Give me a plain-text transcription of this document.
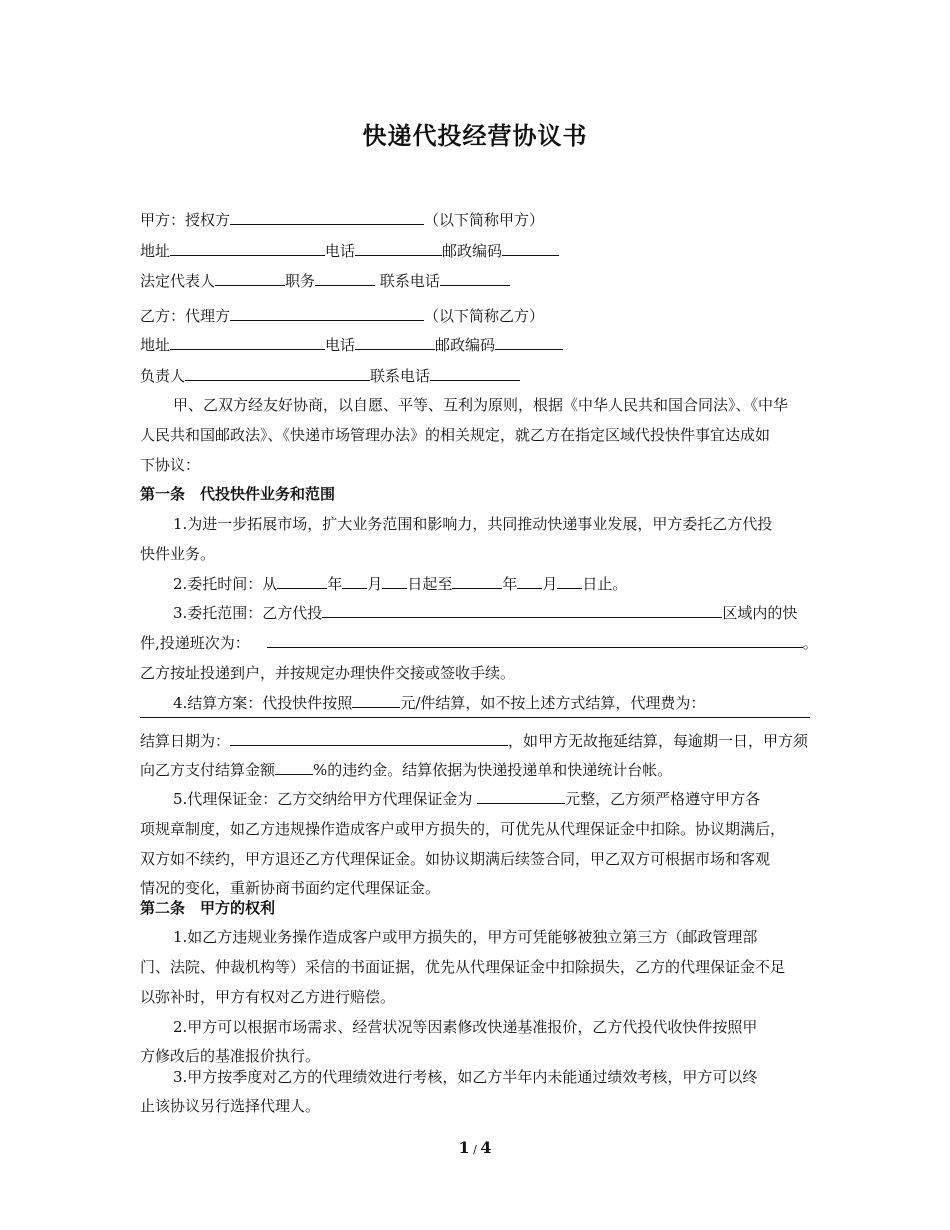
快递代投经营协议书
甲方：授权方	（以下简称甲方）
地址	电话	邮政编码
法定代表人	职务	联系电话
乙方：代理方	（以下简称乙方）
地址	电话	邮政编码
负责人	联系电话
甲、乙双方经友好协商，以自愿、平等、互利为原则，根据《中华人民共和国合同法》、《中华
人民共和国邮政法》、《快递市场管理办法》的相关规定，就乙方在指定区域代投快件事宜达成如
下协议：
第一条　代投快件业务和范围
1.为进一步拓展市场，扩大业务范围和影响力，共同推动快递事业发展，甲方委托乙方代投
快件业务。
2.委托时间：从	年 月 日起至	年 月 日止。
3.委托范围：乙方代投	区域内的快
件,投递班次为：	。
乙方按址投递到户，并按规定办理快件交接或签收手续。
4.结算方案：代投快件按照	元/件结算，如不按上述方式结算，代理费为：
结算日期为：	，如甲方无故拖延结算，每逾期一日，甲方须
向乙方支付结算金额	%的违约金。结算依据为快递投递单和快递统计台帐。
5.代理保证金：乙方交纳给甲方代理保证金为	元整，乙方须严格遵守甲方各
项规章制度，如乙方违规操作造成客户或甲方损失的，可优先从代理保证金中扣除。协议期满后，
双方如不续约，甲方退还乙方代理保证金。如协议期满后续签合同，甲乙双方可根据市场和客观
情况的变化，重新协商书面约定代理保证金。
第二条　甲方的权利
1.如乙方违规业务操作造成客户或甲方损失的，甲方可凭能够被独立第三方（邮政管理部
门、法院、仲裁机构等）采信的书面证据，优先从代理保证金中扣除损失，乙方的代理保证金不足
以弥补时，甲方有权对乙方进行赔偿。
2.甲方可以根据市场需求、经营状况等因素修改快递基准报价，乙方代投代收快件按照甲
方修改后的基准报价执行。
3.甲方按季度对乙方的代理绩效进行考核，如乙方半年内未能通过绩效考核，甲方可以终
止该协议另行选择代理人。
1 / 4
